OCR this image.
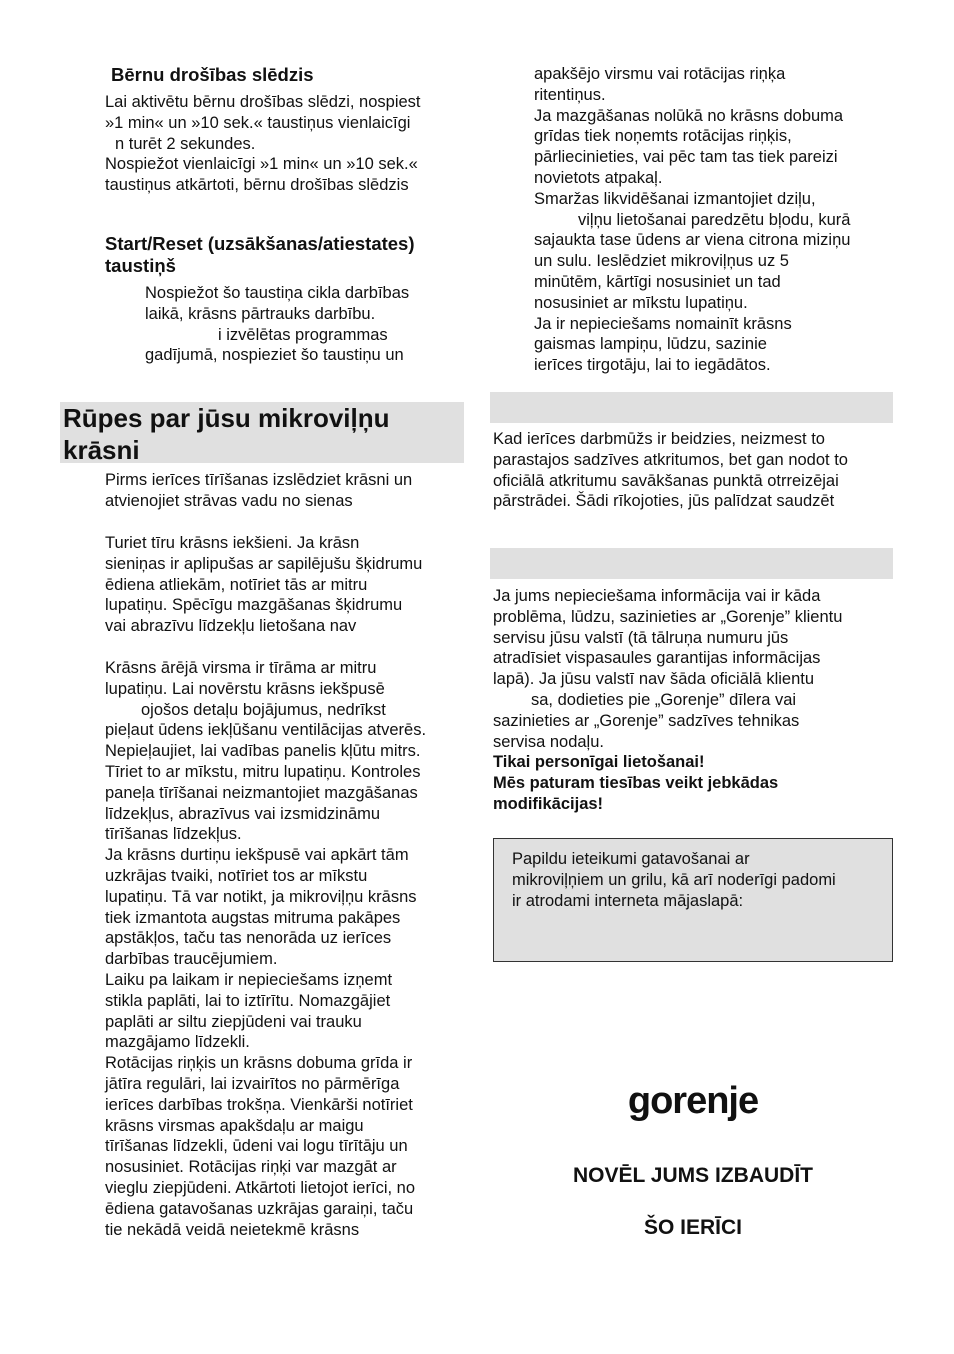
Bērnu drošības slēdzis
Lai aktivētu bērnu drošības slēdzi, nospiest
»1 min« un »10 sek.« taustiņus vienlaicīgi
n turēt 2 sekundes.
Nospiežot vienlaicīgi »1 min« un »10 sek.«
taustiņus atkārtoti, bērnu drošības slēdzis
Start/Reset (uzsākšanas/atiestates)
taustiņš
Nospiežot šo taustiņa cikla darbības
laikā, krāsns pārtrauks darbību.
i izvēlētas programmas
gadījumā, nospieziet šo taustiņu un
Rūpes par jūsu mikroviļņu
krāsni
Pirms ierīces tīrīšanas izslēdziet krāsni un
atvienojiet strāvas vadu no sienas
Turiet tīru krāsns iekšieni. Ja krāsn
sieniņas ir aplipušas ar sapilējušu šķidrumu
ēdiena atliekām, notīriet tās ar mitru
lupatiņu. Spēcīgu mazgāšanas šķidrumu
vai abrazīvu līdzekļu lietošana nav
Krāsns ārējā virsma ir tīrāma ar mitru
lupatiņu. Lai novērstu krāsns iekšpusē
ojošos detaļu bojājumus, nedrīkst
pieļaut ūdens iekļūšanu ventilācijas atverēs.
Nepieļaujiet, lai vadības panelis kļūtu mitrs.
Tīriet to ar mīkstu, mitru lupatiņu. Kontroles
paneļa tīrīšanai neizmantojiet mazgāšanas
līdzekļus, abrazīvus vai izsmidzināmu
tīrīšanas līdzekļus.
Ja krāsns durtiņu iekšpusē vai apkārt tām
uzkrājas tvaiki, notīriet tos ar mīkstu
lupatiņu. Tā var notikt, ja mikroviļņu krāsns
tiek izmantota augstas mitruma pakāpes
apstākļos, taču tas nenorāda uz ierīces
darbības traucējumiem.
Laiku pa laikam ir nepieciešams izņemt
stikla paplāti, lai to iztīrītu. Nomazgājiet
paplāti ar siltu ziepjūdeni vai trauku
mazgājamo līdzekli.
Rotācijas riņķis un krāsns dobuma grīda ir
jātīra regulāri, lai izvairītos no pārmērīga
ierīces darbības trokšņa. Vienkārši notīriet
krāsns virsmas apakšdaļu ar maigu
tīrīšanas līdzekli, ūdeni vai logu tīrītāju un
nosusiniet. Rotācijas riņķi var mazgāt ar
vieglu ziepjūdeni. Atkārtoti lietojot ierīci, no
ēdiena gatavošanas uzkrājas garaiņi, taču
tie nekādā veidā neietekmē krāsns
apakšējo virsmu vai rotācijas riņķa
ritentiņus.
Ja mazgāšanas nolūkā no krāsns dobuma
grīdas tiek noņemts rotācijas riņķis,
pārliecinieties, vai pēc tam tas tiek pareizi
novietots atpakaļ.
Smaržas likvidēšanai izmantojiet dziļu,
viļņu lietošanai paredzētu bļodu, kurā
sajaukta tase ūdens ar viena citrona miziņu
un sulu. Ieslēdziet mikroviļņus uz 5
minūtēm, kārtīgi nosusiniet un tad
nosusiniet ar mīkstu lupatiņu.
Ja ir nepieciešams nomainīt krāsns
gaismas lampiņu, lūdzu, sazinie
ierīces tirgotāju, lai to iegādātos.
Kad ierīces darbmūžs ir beidzies, neizmest to
parastajos sadzīves atkritumos, bet gan nodot to
oficiālā atkritumu savākšanas punktā otrreizējai
pārstrādei. Šādi rīkojoties, jūs palīdzat saudzēt
Ja jums nepieciešama informācija vai ir kāda
problēma, lūdzu, sazinieties ar „Gorenje” klientu
servisu jūsu valstī (tā tālruņa numuru jūs
atradīsiet vispasaules garantijas informācijas
lapā). Ja jūsu valstī nav šāda oficiālā klientu
sa, dodieties pie „Gorenje” dīlera vai
sazinieties ar „Gorenje” sadzīves tehnikas
servisa nodaļu.
Tikai personīgai lietošanai!
Mēs paturam tiesības veikt jebkādas
modifikācijas!
Papildu ieteikumi gatavošanai ar
mikroviļņiem un grilu, kā arī noderīgi padomi
ir atrodami interneta mājaslapā:
gorenje
NOVĒL JUMS IZBAUDĪT
ŠO IERĪCI
